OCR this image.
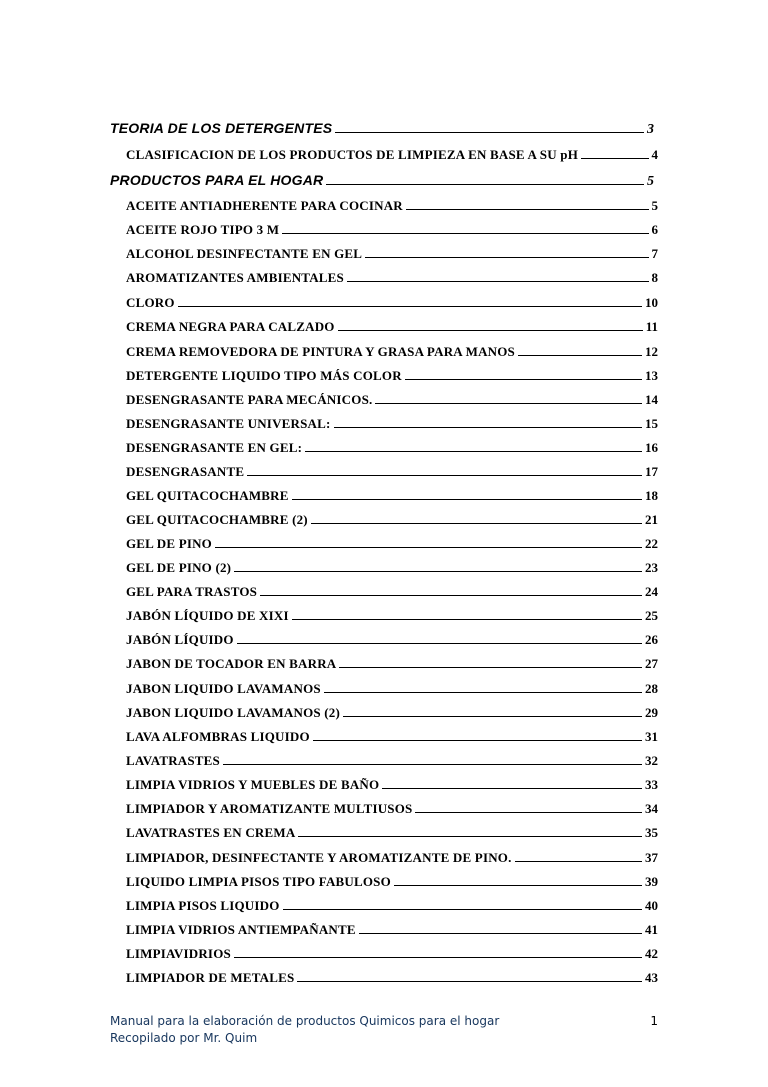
TEORIA DE LOS DETERGENTES	3
CLASIFICACION DE LOS PRODUCTOS DE LIMPIEZA EN BASE A SU pH	4
PRODUCTOS PARA EL HOGAR	5
ACEITE ANTIADHERENTE PARA COCINAR	5
ACEITE ROJO TIPO 3 M	6
ALCOHOL DESINFECTANTE EN GEL	7
AROMATIZANTES AMBIENTALES	8
CLORO	10
CREMA NEGRA PARA CALZADO	11
CREMA REMOVEDORA DE PINTURA Y GRASA PARA MANOS	12
DETERGENTE LIQUIDO TIPO MÁS COLOR	13
DESENGRASANTE PARA MECÁNICOS.	14
DESENGRASANTE UNIVERSAL:	15
DESENGRASANTE EN GEL:	16
DESENGRASANTE	17
GEL QUITACOCHAMBRE	18
GEL QUITACOCHAMBRE (2)	21
GEL DE PINO	22
GEL DE PINO (2)	23
GEL PARA TRASTOS	24
JABÓN LÍQUIDO DE XIXI	25
JABÓN LÍQUIDO	26
JABON DE TOCADOR EN BARRA	27
JABON LIQUIDO LAVAMANOS	28
JABON LIQUIDO LAVAMANOS (2)	29
LAVA ALFOMBRAS LIQUIDO	31
LAVATRASTES	32
LIMPIA VIDRIOS Y MUEBLES DE BAÑO	33
LIMPIADOR Y AROMATIZANTE MULTIUSOS	34
LAVATRASTES EN CREMA	35
LIMPIADOR, DESINFECTANTE Y AROMATIZANTE DE PINO.	37
LIQUIDO LIMPIA PISOS TIPO FABULOSO	39
LIMPIA PISOS LIQUIDO	40
LIMPIA VIDRIOS ANTIEMPAÑANTE	41
LIMPIAVIDRIOS	42
LIMPIADOR DE METALES	43
Manual para la elaboración de productos Quimicos para el hogar
Recopilado por Mr. Quim
1
